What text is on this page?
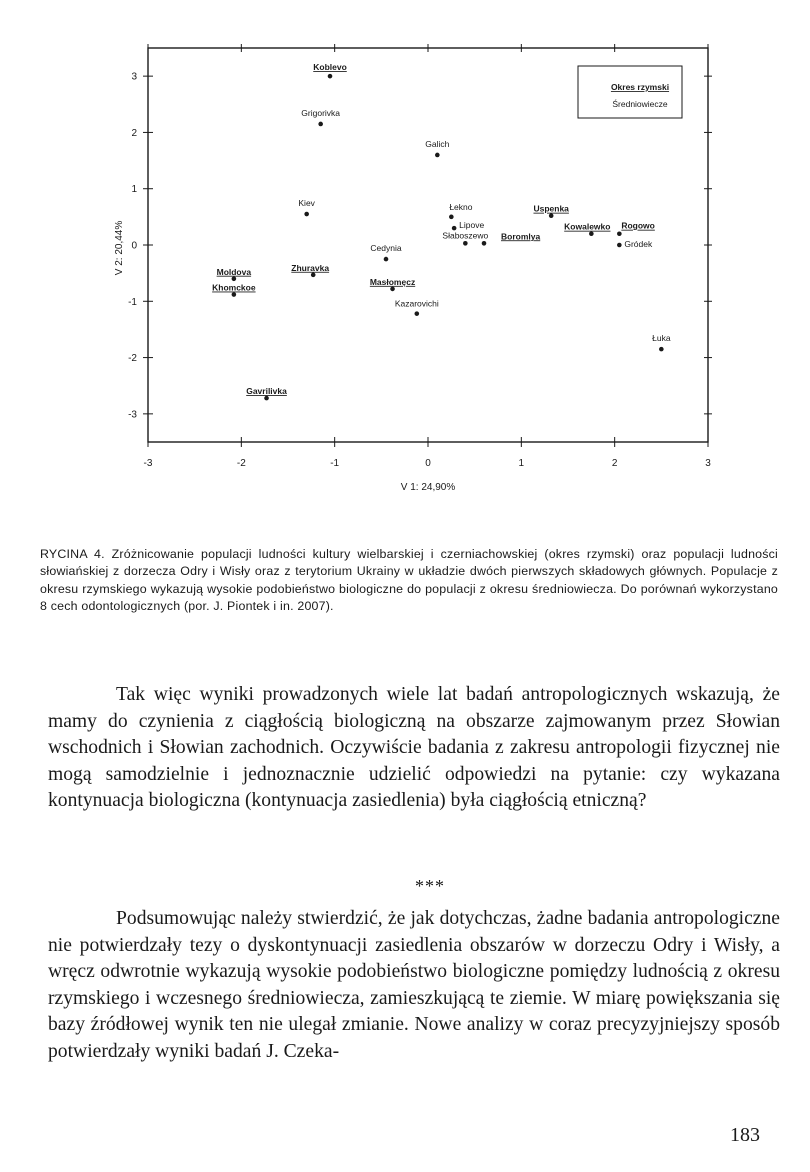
-3	-2	-1	0	1	2	3
3
2
1
0
-1
-2
-3
V 1: 24,90%
V 2: 20,44%
Okres rzymski
Średniowiecze
Koblevo
Grigorivka
Galich
Kiev	Łekno
Lipove
Słaboszewo Boromlya
Uspenka
Kowalewko Rogowo
Gródek
Cedynia
Zhuravka
Moldova
Khomckoe
Masłomęcz
Kazarovichi
Łuka
Gavrilivka

RYCINA 4. Zróżnicowanie populacji ludności kultury wielbarskiej i czerniachowskiej (okres rzymski) oraz populacji ludności słowiańskiej z dorzecza Odry i Wisły oraz z terytorium Ukrainy w układzie dwóch pierwszych składowych głównych. Populacje z okresu rzymskiego wykazują wysokie podobieństwo biologiczne do populacji z okresu średniowiecza. Do porównań wykorzystano 8 cech odontologicznych (por. J. Piontek i in. 2007).

Tak więc wyniki prowadzonych wiele lat badań antropologicznych wskazują, że mamy do czynienia z ciągłością biologiczną na obszarze zajmowanym przez Słowian wschodnich i Słowian zachodnich. Oczywiście badania z zakresu antropologii fizycznej nie mogą samodzielnie i jednoznacznie udzielić odpowiedzi na pytanie: czy wykazana kontynuacja biologiczna (kontynuacja zasiedlenia) była ciągłością etniczną?

***

Podsumowując należy stwierdzić, że jak dotychczas, żadne badania antropologiczne nie potwierdzały tezy o dyskontynuacji zasiedlenia obszarów w dorzeczu Odry i Wisły, a wręcz odwrotnie wykazują wysokie podobieństwo biologiczne pomiędzy ludnością z okresu rzymskiego i wczesnego średniowiecza, zamieszkującą te ziemie. W miarę powiększania się bazy źródłowej wynik ten nie ulegał zmianie. Nowe analizy w coraz precyzyjniejszy sposób potwierdzały wyniki badań J. Czeka-

183
